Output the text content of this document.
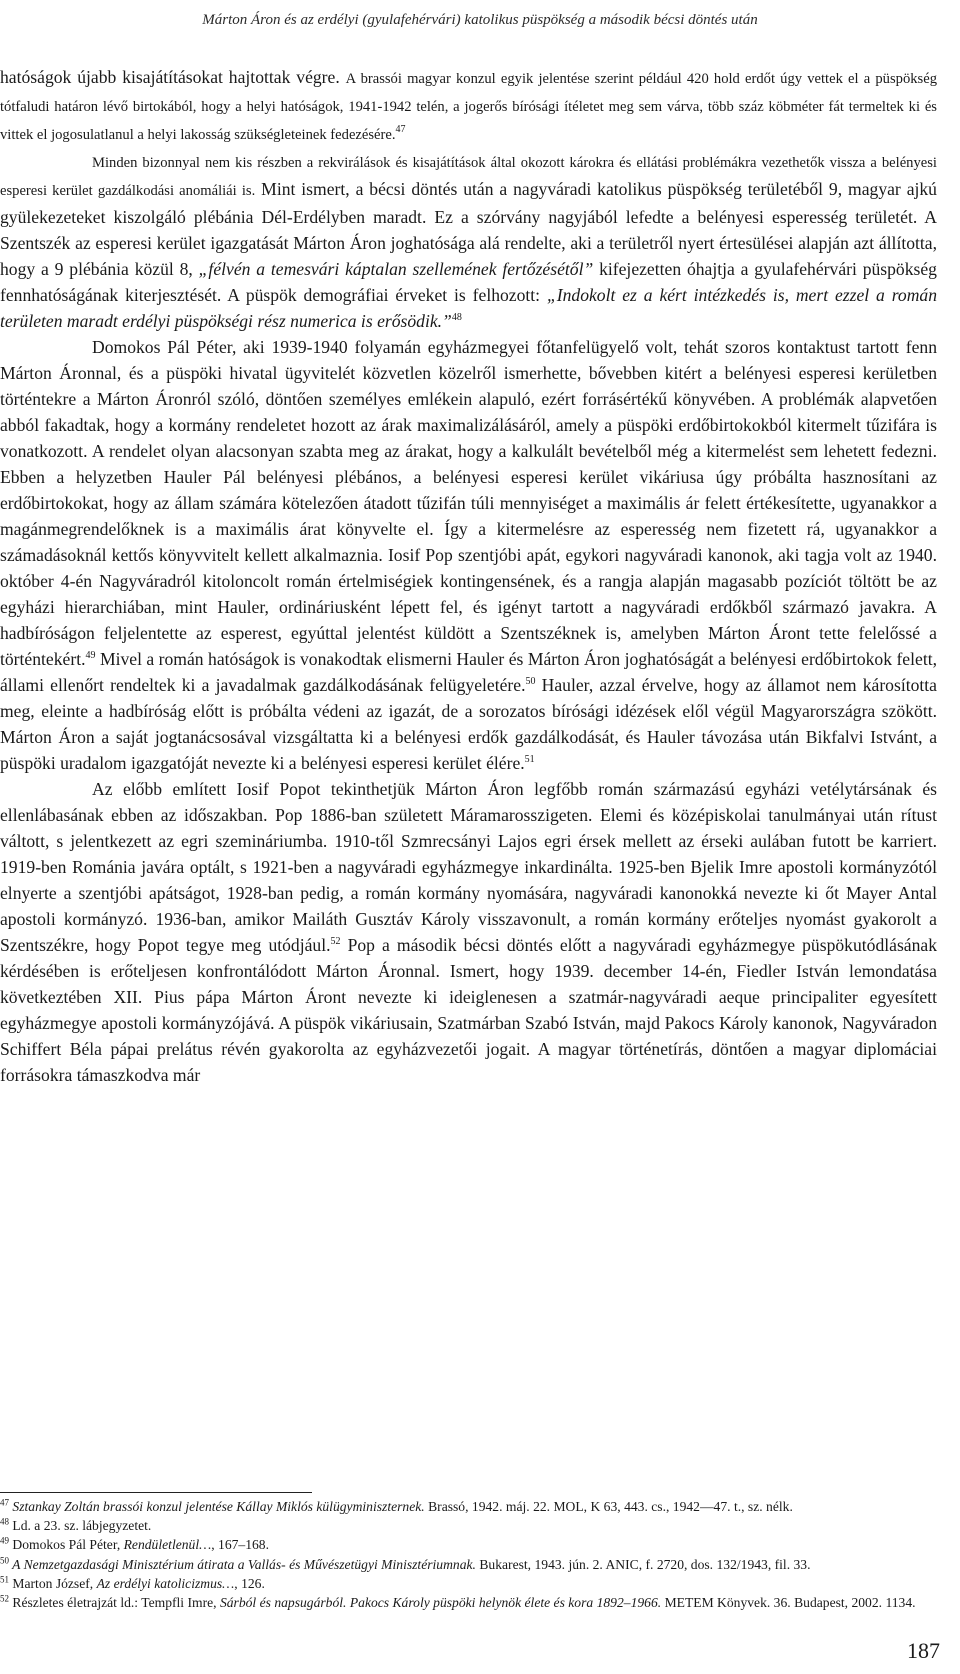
Márton Áron és az erdélyi (gyulafehérvári) katolikus püspökség a második bécsi döntés után

hatóságok újabb kisajátításokat hajtottak végre. A brassói magyar konzul egyik jelentése szerint például 420 hold erdőt úgy vettek el a püspökség tótfaludi határon lévő birtokából, hogy a helyi hatóságok, 1941-1942 telén, a jogerős bírósági ítéletet meg sem várva, több száz köbméter fát termeltek ki és vittek el jogosulatlanul a helyi lakosság szükségleteinek fedezésére.$^{47}$

Minden bizonnyal nem kis részben a rekvirálások és kisajátítások által okozott károkra és ellátási problémákra vezethetők vissza a belényesi esperesi kerület gazdálkodási anomáliái is. Mint ismert, a bécsi döntés után a nagyváradi katolikus püspökség területéből 9, magyar ajkú gyülekezeteket kiszolgáló plébánia Dél-Erdélyben maradt. Ez a szórvány nagyjából lefedte a belényesi esperesség területét. A Szentszék az esperesi kerület igazgatását Márton Áron joghatósága alá rendelte, aki a területről nyert értesülései alapján azt állította, hogy a 9 plébánia közül 8, „félvén a temesvári káptalan szellemének fertőzésétől” kifejezetten óhajtja a gyulafehérvári püspökség fennhatóságának kiterjesztését. A püspök demográfiai érveket is felhozott: „Indokolt ez a kért intézkedés is, mert ezzel a román területen maradt erdélyi püspökségi rész numerica is erősödik.”$^{48}$

Domokos Pál Péter, aki 1939-1940 folyamán egyházmegyei főtanfelügyelő volt, tehát szoros kontaktust tartott fenn Márton Áronnal, és a püspöki hivatal ügyvitelét közvetlen közelről ismerhette, bővebben kitért a belényesi esperesi kerületben történtekre a Márton Áronról szóló, döntően személyes emlékein alapuló, ezért forrásértékű könyvében. A problémák alapvetően abból fakadtak, hogy a kormány rendeletet hozott az árak maximalizálásáról, amely a püspöki erdőbirtokokból kitermelt tűzifára is vonatkozott. A rendelet olyan alacsonyan szabta meg az árakat, hogy a kalkulált bevételből még a kitermelést sem lehetett fedezni. Ebben a helyzetben Hauler Pál belényesi plébános, a belényesi esperesi kerület vikáriusa úgy próbálta hasznosítani az erdőbirtokokat, hogy az állam számára kötelezően átadott tűzifán túli mennyiséget a maximális ár felett értékesítette, ugyanakkor a magánmegrendelőknek is a maximális árat könyvelte el. Így a kitermelésre az esperesség nem fizetett rá, ugyanakkor a számadásoknál kettős könyvvitelt kellett alkalmaznia. Iosif Pop szentjóbi apát, egykori nagyváradi kanonok, aki tagja volt az 1940. október 4-én Nagyváradról kitoloncolt román értelmiségiek kontingensének, és a rangja alapján magasabb pozíciót töltött be az egyházi hierarchiában, mint Hauler, ordináriusként lépett fel, és igényt tartott a nagyváradi erdőkből származó javakra. A hadbíróságon feljelentette az esperest, egyúttal jelentést küldött a Szentszéknek is, amelyben Márton Áront tette felelőssé a történtekért.$^{49}$ Mivel a román hatóságok is vonakodtak elismerni Hauler és Márton Áron joghatóságát a belényesi erdőbirtokok felett, állami ellenőrt rendeltek ki a javadalmak gazdálkodásának felügyeletére.$^{50}$ Hauler, azzal érvelve, hogy az államot nem károsította meg, eleinte a hadbíróság előtt is próbálta védeni az igazát, de a sorozatos bírósági idézések elől végül Magyarországra szökött. Márton Áron a saját jogtanácsosával vizsgáltatta ki a belényesi erdők gazdálkodását, és Hauler távozása után Bikfalvi Istvánt, a püspöki uradalom igazgatóját nevezte ki a belényesi esperesi kerület élére.$^{51}$

Az előbb említett Iosif Popot tekinthetjük Márton Áron legfőbb román származású egyházi vetélytársának és ellenlábasának ebben az időszakban. Pop 1886-ban született Máramarosszigeten. Elemi és középiskolai tanulmányai után rítust váltott, s jelentkezett az egri szemináriumba. 1910-től Szmrecsányi Lajos egri érsek mellett az érseki aulában futott be karriert. 1919-ben Románia javára optált, s 1921-ben a nagyváradi egyházmegye inkardinálta. 1925-ben Bjelik Imre apostoli kormányzótól elnyerte a szentjóbi apátságot, 1928-ban pedig, a román kormány nyomására, nagyváradi kanonokká nevezte ki őt Mayer Antal apostoli kormányzó. 1936-ban, amikor Mailáth Gusztáv Károly visszavonult, a román kormány erőteljes nyomást gyakorolt a Szentszékre, hogy Popot tegye meg utódjául.$^{52}$ Pop a második bécsi döntés előtt a nagyváradi egyházmegye püspökutódlásának kérdésében is erőteljesen konfrontálódott Márton Áronnal. Ismert, hogy 1939. december 14-én, Fiedler István lemondatása következtében XII. Pius pápa Márton Áront nevezte ki ideiglenesen a szatmár-nagyváradi aeque principaliter egyesített egyházmegye apostoli kormányzójává. A püspök vikáriusain, Szatmárban Szabó István, majd Pakocs Károly kanonok, Nagyváradon Schiffert Béla pápai prelátus révén gyakorolta az egyházvezetői jogait. A magyar történetírás, döntően a magyar diplomáciai forrásokra támaszkodva már

$^{47}$ Sztankay Zoltán brassói konzul jelentése Kállay Miklós külügyminiszternek. Brassó, 1942. máj. 22. MOL, K 63, 443. cs., 1942—47. t., sz. nélk.

$^{48}$ Ld. a 23. sz. lábjegyzetet.

$^{49}$ Domokos Pál Péter, Rendületlenül…, 167–168.

$^{50}$ A Nemzetgazdasági Minisztérium átirata a Vallás- és Művészetügyi Minisztériumnak. Bukarest, 1943. jún. 2. ANIC, f. 2720, dos. 132/1943, fil. 33.

$^{51}$ Marton József, Az erdélyi katolicizmus…, 126.

$^{52}$ Részletes életrajzát ld.: Tempfli Imre, Sárból és napsugárból. Pakocs Károly püspöki helynök élete és kora 1892–1966. METEM Könyvek. 36. Budapest, 2002. 1134.

187
